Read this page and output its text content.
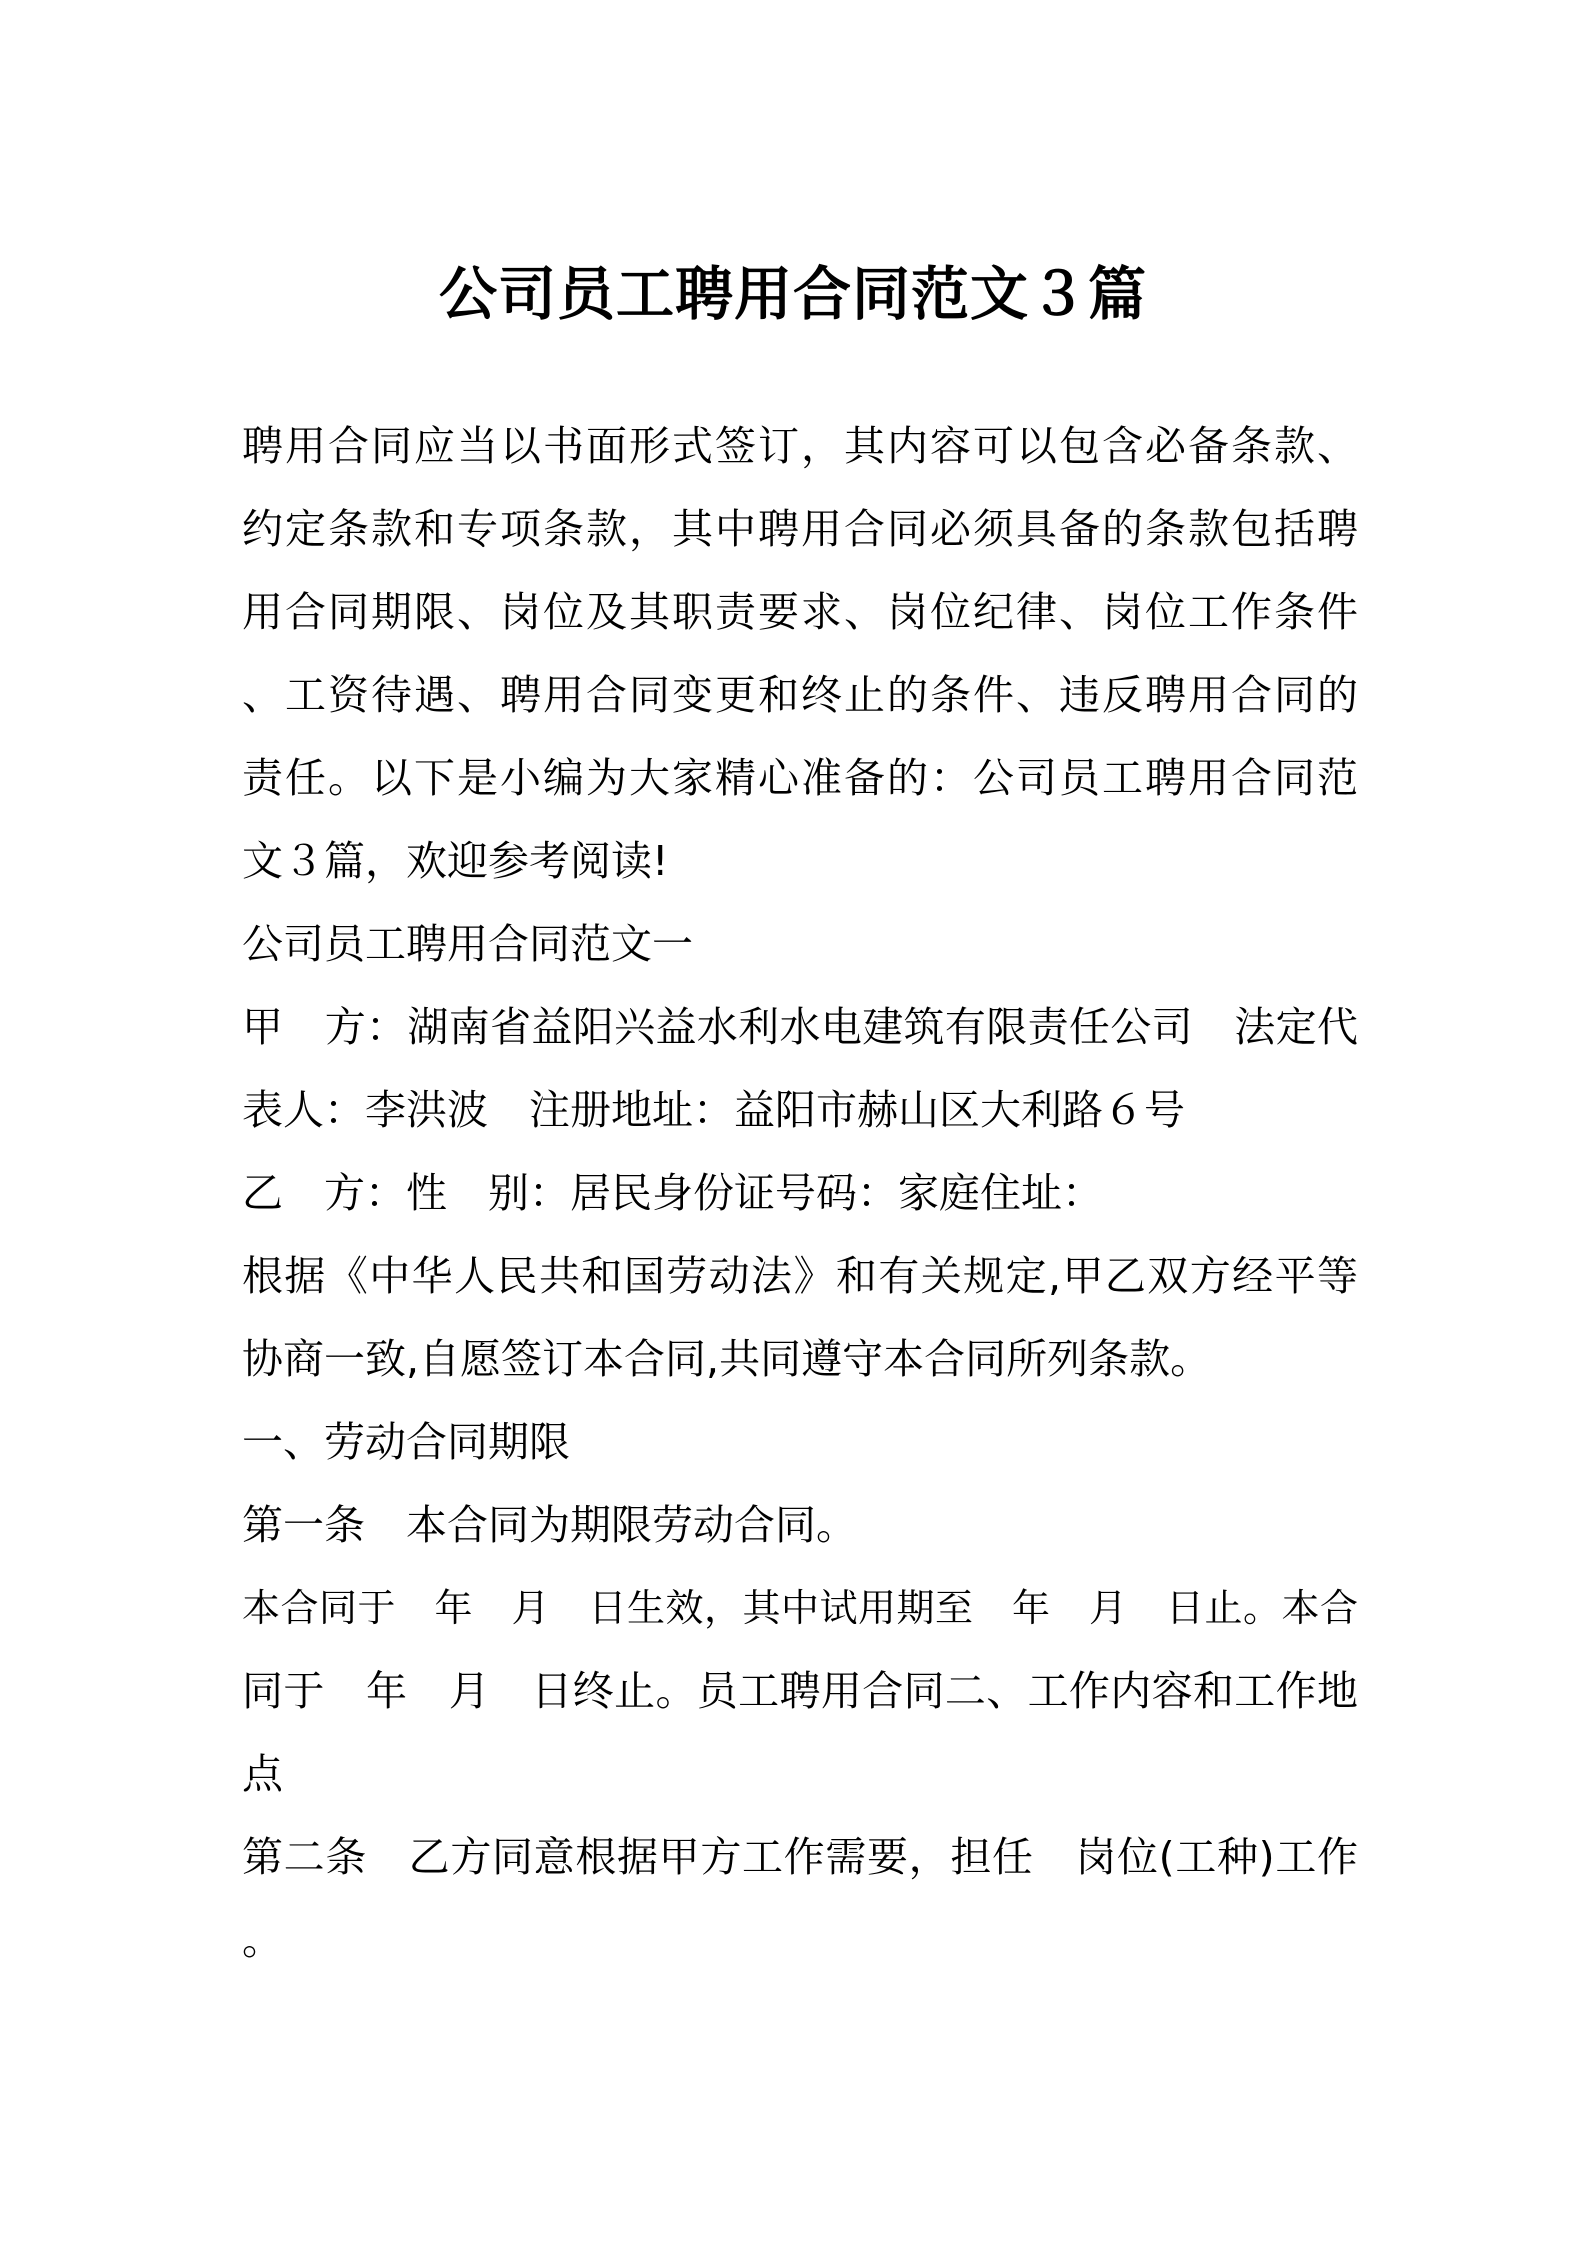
公司员工聘用合同范文３篇
聘用合同应当以书面形式签订，其内容可以包含必备条款、
约定条款和专项条款，其中聘用合同必须具备的条款包括聘
用合同期限、岗位及其职责要求、岗位纪律、岗位工作条件
、工资待遇、聘用合同变更和终止的条件、违反聘用合同的
责任。以下是小编为大家精心准备的：公司员工聘用合同范
文３篇，欢迎参考阅读!
公司员工聘用合同范文一
甲　方：湖南省益阳兴益水利水电建筑有限责任公司　法定代
表人：李洪波　注册地址：益阳市赫山区大利路６号
乙　方：性　别：居民身份证号码：家庭住址：
根据《中华人民共和国劳动法》和有关规定,甲乙双方经平等
协商一致,自愿签订本合同,共同遵守本合同所列条款。
一、劳动合同期限
第一条　本合同为期限劳动合同。
本合同于　年　月　日生效，其中试用期至　年　月　日止。本合
同于　年　月　日终止。员工聘用合同二、工作内容和工作地
点
第二条　乙方同意根据甲方工作需要，担任　岗位(工种)工作
。
